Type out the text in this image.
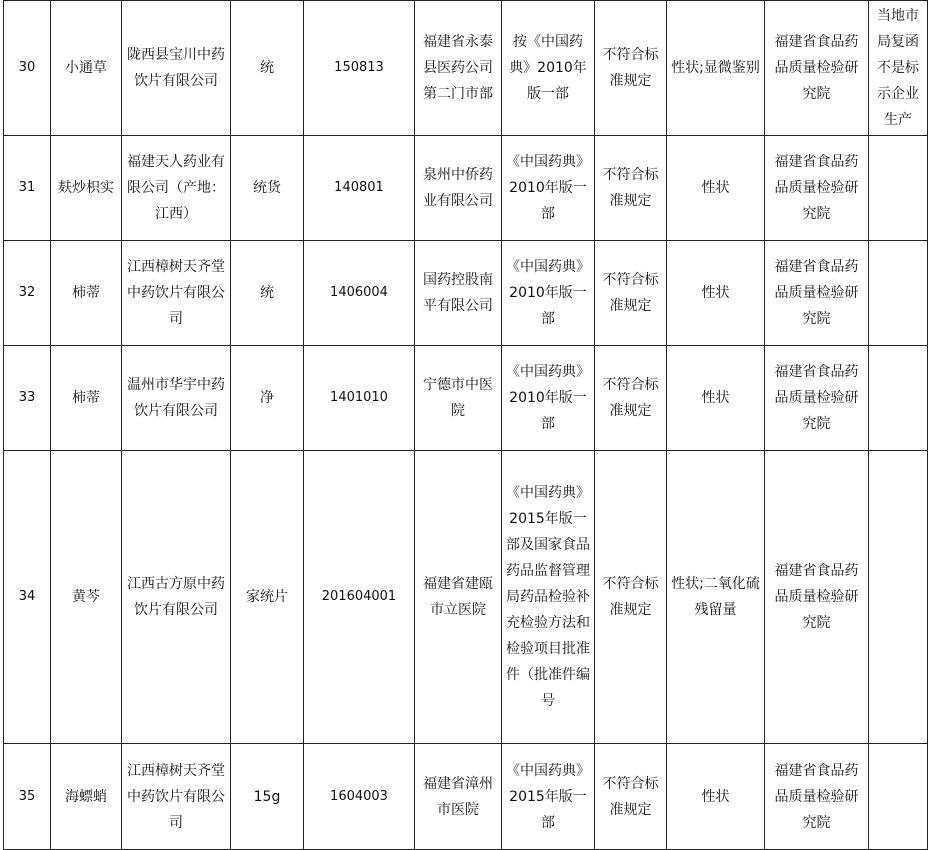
30	小通草	陇西县宝川中药饮片有限公司	统	150813	福建省永泰县医药公司第二门市部	按《中国药典》2010年版一部	不符合标准规定	性状;显微鉴别	福建省食品药品质量检验研究院	当地市局复函不是标示企业生产
31	麸炒枳实	福建天人药业有限公司（产地：江西）	统货	140801	泉州中侨药业有限公司	《中国药典》2010年版一部	不符合标准规定	性状	福建省食品药品质量检验研究院	
32	柿蒂	江西樟树天齐堂中药饮片有限公司	统	1406004	国药控股南平有限公司	《中国药典》2010年版一部	不符合标准规定	性状	福建省食品药品质量检验研究院	
33	柿蒂	温州市华宇中药饮片有限公司	净	1401010	宁德市中医院	《中国药典》2010年版一部	不符合标准规定	性状	福建省食品药品质量检验研究院	
34	黄芩	江西古方原中药饮片有限公司	家统片	201604001	福建省建瓯市立医院	《中国药典》2015年版一部及国家食品药品监督管理局药品检验补充检验方法和检验项目批准件（批准件编号	不符合标准规定	性状;二氧化硫残留量	福建省食品药品质量检验研究院	
35	海螵蛸	江西樟树天齐堂中药饮片有限公司	15g	1604003	福建省漳州市医院	《中国药典》2015年版一部	不符合标准规定	性状	福建省食品药品质量检验研究院	
